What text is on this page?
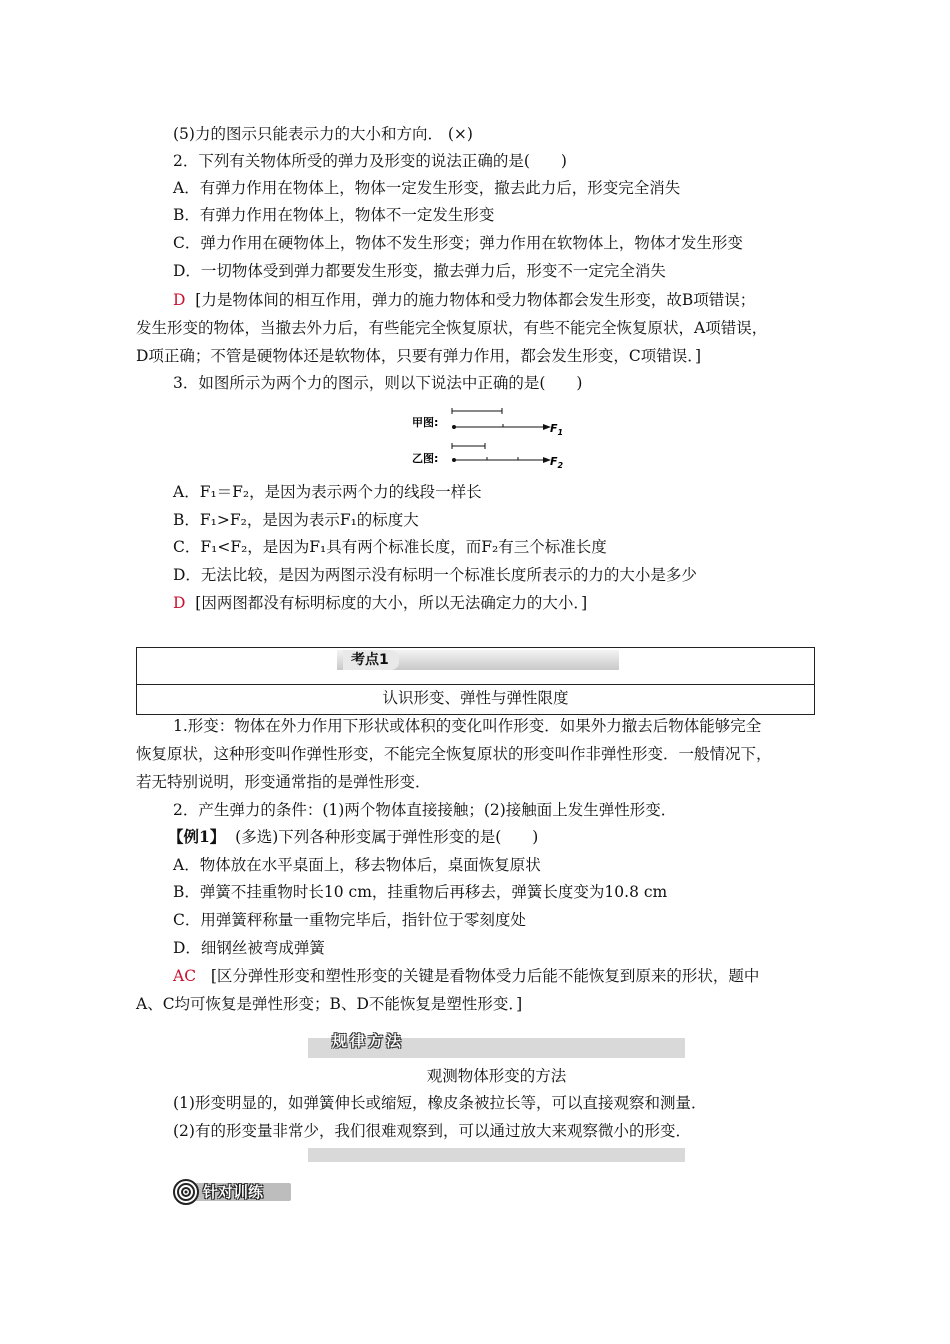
(5)力的图示只能表示力的大小和方向． (×)
2．下列有关物体所受的弹力及形变的说法正确的是(　　)
A．有弹力作用在物体上，物体一定发生形变，撤去此力后，形变完全消失
B．有弹力作用在物体上，物体不一定发生形变
C．弹力作用在硬物体上，物体不发生形变；弹力作用在软物体上，物体才发生形变
D．一切物体受到弹力都要发生形变，撤去弹力后，形变不一定完全消失
D [力是物体间的相互作用，弹力的施力物体和受力物体都会发生形变，故B项错误；
发生形变的物体，当撤去外力后，有些能完全恢复原状，有些不能完全恢复原状，A项错误，
D项正确；不管是硬物体还是软物体，只要有弹力作用，都会发生形变，C项错误．]
3．如图所示为两个力的图示，则以下说法中正确的是(　　)
甲图:	$F_1$
乙图:	$F_2$
A．F₁＝F₂，是因为表示两个力的线段一样长
B．F₁>F₂，是因为表示F₁的标度大
C．F₁<F₂，是因为F₁具有两个标准长度，而F₂有三个标准长度
D．无法比较，是因为两图示没有标明一个标准长度所表示的力的大小是多少
D [因两图都没有标明标度的大小，所以无法确定力的大小．]
考点1
认识形变、弹性与弹性限度
1.形变：物体在外力作用下形状或体积的变化叫作形变．如果外力撤去后物体能够完全
恢复原状，这种形变叫作弹性形变，不能完全恢复原状的形变叫作非弹性形变．一般情况下，
若无特别说明，形变通常指的是弹性形变．
2．产生弹力的条件：(1)两个物体直接接触；(2)接触面上发生弹性形变．
【例1】 (多选)下列各种形变属于弹性形变的是(　　)
A．物体放在水平桌面上，移去物体后，桌面恢复原状
B．弹簧不挂重物时长10 cm，挂重物后再移去，弹簧长度变为10.8 cm
C．用弹簧秤称量一重物完毕后，指针位于零刻度处
D．细钢丝被弯成弹簧
AC [区分弹性形变和塑性形变的关键是看物体受力后能不能恢复到原来的形状，题中
A、C均可恢复是弹性形变；B、D不能恢复是塑性形变．]
规律方法
观测物体形变的方法
(1)形变明显的，如弹簧伸长或缩短，橡皮条被拉长等，可以直接观察和测量．
(2)有的形变量非常少，我们很难观察到，可以通过放大来观察微小的形变．
针对训练
